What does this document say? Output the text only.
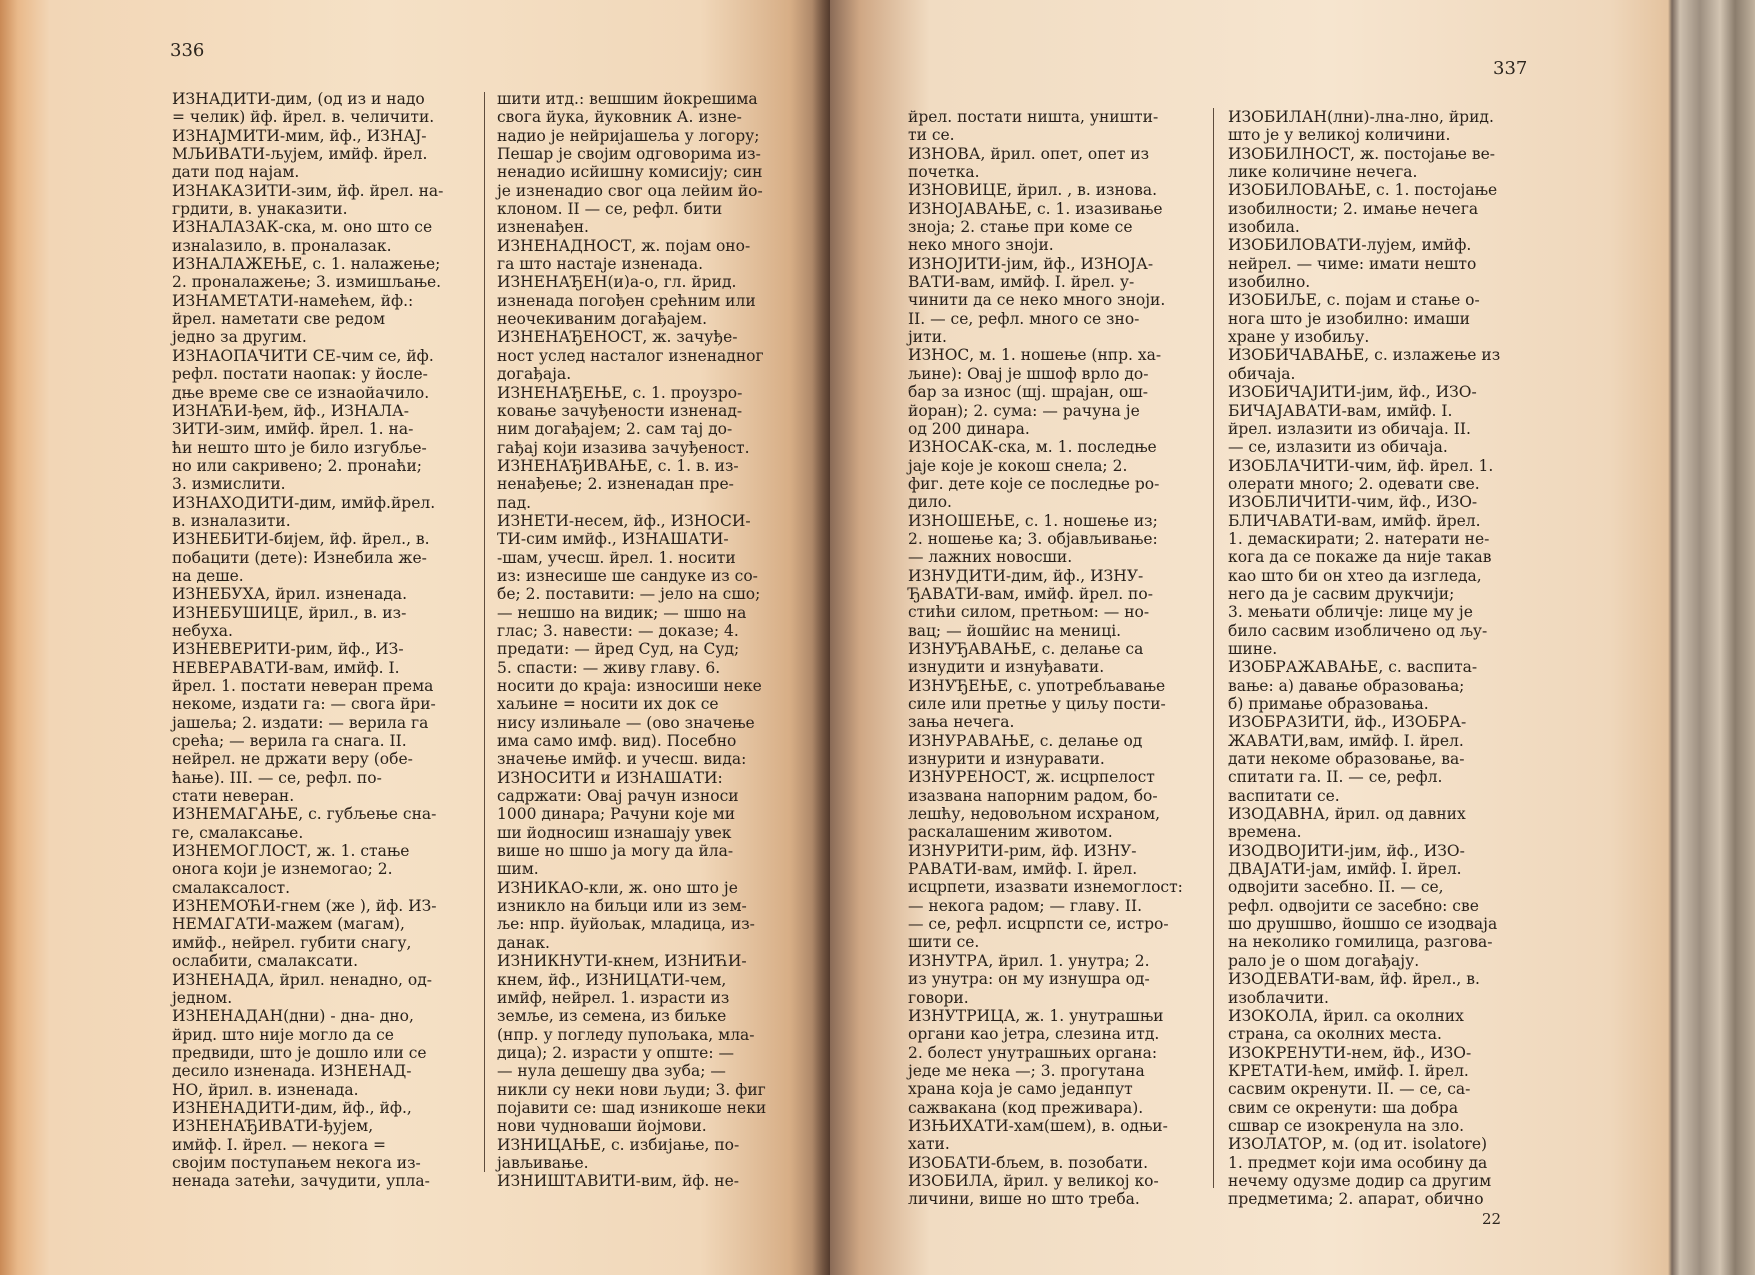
336
ИЗНАДИТИ-дим, (од из и надо
= челик) йф. йрел. в. челичити.
ИЗНАЈМИТИ-мим, йф., ИЗНАЈ-
МЉИВАТИ-љујем, имйф. йрел.
дати под најам.
ИЗНАКАЗИТИ-зим, йф. йрел. на-
грдити, в. унаказити.
ИЗНАЛАЗАК-ска, м. оно што се
изнalaзило, в. проналазак.
ИЗНАЛАЖЕЊЕ, с. 1. налажење;
2. проналажење; 3. измишљање.
ИЗНАМЕТАТИ-намећем, йф.:
йрел. наметати све редом
једно за другим.
ИЗНАОПАЧИТИ СЕ-чим се, йф.
рефл. постати наопак: у йосле-
дње време све се изнаойачило.
ИЗНАЋИ-ђем, йф., ИЗНАЛА-
ЗИТИ-зим, имйф. йрел. 1. на-
ћи нешто што је било изгубље-
но или сакривено; 2. пронаћи;
3. измислити.
ИЗНАХОДИТИ-дим, имйф.йрел.
в. изналазити.
ИЗНЕБИТИ-бијем, йф. йрел., в.
побацити (дете): Изнебила же-
на деше.
ИЗНЕБУХА, йрил. изненада.
ИЗНЕБУШИЦЕ, йрил., в. из-
небуха.
ИЗНЕВЕРИТИ-рим, йф., ИЗ-
НЕВЕРАВАТИ-вам, имйф. I.
йрел. 1. постати неверан према
некоме, издати га: — свога йри-
јашеља; 2. издати: — верила га
срећа; — верила га снага. II.
нейрел. не држати веру (обе-
ћање). III. — се, рефл. по-
стати неверан.
ИЗНЕМАГАЊЕ, с. губљење сна-
ге, смалаксање.
ИЗНЕМОГЛОСТ, ж. 1. стање
онога који је изнемогао; 2.
смалаксалост.
ИЗНЕМОЋИ-гнем (же ), йф. ИЗ-
НЕМАГАТИ-мажем (магам),
имйф., нейрел. губити снагу,
ослабити, смалаксати.
ИЗНЕНАДА, йрил. ненадно, од-
једном.
ИЗНЕНАДАН(дни) - дна- дно,
йрид. што није могло да се
предвиди, што је дошло или се
десило изненада. ИЗНЕНАД-
НО, йрил. в. изненада.
ИЗНЕНАДИТИ-дим, йф., йф.,
ИЗНЕНАЂИВАТИ-ђујем,
имйф. I. йрел. — некога =
својим поступањем некога из-
ненада затећи, зачудити, упла-
шити итд.: вешшим йокрешима
свога йука, йуковник А. изне-
надио је нейријашеља у логору;
Пешар је својим одговорима из-
ненадио исйишну комисију; син
је изненадио свог оца лейим йо-
клоном. II — се, рефл. бити
изненађен.
ИЗНЕНАДНОСТ, ж. појам оно-
га што настаје изненада.
ИЗНЕНАЂЕН(и)а-о, гл. йрид.
изненада погођен срећним или
неочекиваним догађајем.
ИЗНЕНАЂЕНОСТ, ж. зачуђе-
ност услед насталог изненадног
догађаја.
ИЗНЕНАЂЕЊЕ, с. 1. проузро-
ковање зачуђености изненад-
ним догађајем; 2. сам тај до-
гађај који изазива зачуђеност.
ИЗНЕНАЂИВАЊЕ, с. 1. в. из-
ненађење; 2. изненадан пре-
пад.
ИЗНЕТИ-несем, йф., ИЗНОСИ-
ТИ-сим имйф., ИЗНАШАТИ-
-шам, учесш. йрел. 1. носити
из: изнесише ше сандуке из со-
бе; 2. поставити: — јело на сшо;
— нешшо на видик; — шшо на
глас; 3. навести: — доказе; 4.
предати: — йред Суд, на Суд;
5. спасти: — живу главу. 6.
носити до краја: износиши неке
хаљине = носити их док се
нису излињале — (ово значење
има само имф. вид). Посебно
значење имйф. и учесш. вида:
ИЗНОСИТИ и ИЗНАШАТИ:
садржати: Овај рачун износи
1000 динара; Рачуни које ми
ши йодносиш изнашају увек
више но шшо ја могу да йла-
шим.
ИЗНИКАО-кли, ж. оно што је
изникло на биљци или из зем-
ље: нпр. йуйољак, младица, из-
данак.
ИЗНИКНУТИ-кнем, ИЗНИЋИ-
кнем, йф., ИЗНИЦАТИ-чем,
имйф, нейрел. 1. изрaсти из
земље, из семена, из биљке
(нпр. у погледу пупољака, мла-
дица); 2. израсти у опште: —
— нула дешешу два зуба; —
никли су неки нови људи; 3. фиг
појавити се: шад изникоше неки
нови чудноваши йојмови.
ИЗНИЦАЊЕ, с. избијање, по-
јављивање.
ИЗНИШТАВИТИ-вим, йф. не-
337
йрел. постати ништа, уништи-
ти се.
ИЗНОВА, йрил. опет, опет из
почетка.
ИЗНОВИЦЕ, йрил. , в. изнова.
ИЗНОЈАВАЊЕ, с. 1. изазивање
зноја; 2. стање при коме се
неко много зноји.
ИЗНОЈИТИ-јим, йф., ИЗНОЈА-
ВАТИ-вам, имйф. I. йрел. у-
чинити да се неко много зноји.
II. — се, рефл. много се зно-
јити.
ИЗНОС, м. 1. ношење (нпр. ха-
љине): Овај је шшоф врло до-
бар за износ (шј. шрајан, ош-
йоран); 2. сума: — рачуна је
од 200 динара.
ИЗНОСАК-ска, м. 1. последње
јаје које је кокош снела; 2.
фиг. дете које се последње ро-
дило.
ИЗНОШЕЊЕ, с. 1. ношење из;
2. ношење ка; 3. објављивање:
— лажних новосши.
ИЗНУДИТИ-дим, йф., ИЗНУ-
ЂАВАТИ-вам, имйф. йрел. по-
стићи силом, претњом: — но-
вац; — йошйис на мениці.
ИЗНУЂАВАЊЕ, с. делање са
изнудити и изнуђавати.
ИЗНУЂЕЊЕ, с. употребљавање
силе или претње у циљу пости-
зања нечега.
ИЗНУРАВАЊЕ, с. делање од
изнурити и изнуравати.
ИЗНУРЕНОСТ, ж. исцрпелост
изазвана напорним радом, бо-
лешћу, недовољном исхраном,
раскалашеним животом.
ИЗНУРИТИ-рим, йф. ИЗНУ-
РАВАТИ-вам, имйф. I. йрел.
исцрпети, изазвати изнемоглост:
— некога радом; — главу. II.
— се, рефл. исцрпсти се, истро-
шити се.
ИЗНУТРА, йрил. 1. унутра; 2.
из унутра: он му изнушра од-
говори.
ИЗНУТРИЦА, ж. 1. унутрашњи
органи као јетра, слезина итд.
2. болест унутрашњих органа:
једе ме нека —; 3. прогутана
храна која је само једанпут
сажвакана (код преживара).
ИЗЊИХАТИ-хам(шем), в. одњи-
хати.
ИЗОБАТИ-бљем, в. позобати.
ИЗОБИЛА, йрил. у великој ко-
личини, више но што треба.
ИЗОБИЛАН(лни)-лна-лно, йрид.
што је у великој количини.
ИЗОБИЛНОСТ, ж. постојање ве-
лике количине нечега.
ИЗОБИЛОВАЊЕ, с. 1. постојање
изобилности; 2. имање нечега
изобила.
ИЗОБИЛОВАТИ-лујем, имйф.
нейрел. — чиме: имати нешто
изобилно.
ИЗОБИЉЕ, с. појам и стање о-
нога што је изобилно: имаши
хране у изобиљу.
ИЗОБИЧАВАЊЕ, с. излажење из
обичаја.
ИЗОБИЧАЈИТИ-јим, йф., ИЗО-
БИЧАЈАВАТИ-вам, имйф. I.
йрел. излазити из обичаја. II.
— се, излазити из обичаја.
ИЗОБЛАЧИТИ-чим, йф. йрел. 1.
олерати много; 2. одевати све.
ИЗОБЛИЧИТИ-чим, йф., ИЗО-
БЛИЧАВАТИ-вам, имйф. йрел.
1. демаскирати; 2. натерати не-
кога да се покаже да није такав
као што би он хтео да изгледа,
него да је сасвим друкчији;
3. мењати обличје: лице му је
било сасвим изобличено од љу-
шине.
ИЗОБРАЖАВАЊЕ, с. васпита-
вање: а) давање образовања;
б) примање образовања.
ИЗОБРАЗИТИ, йф., ИЗОБРА-
ЖАВАТИ,вам, имйф. I. йрел.
дати некоме образовање, ва-
спитати га. II. — се, рефл.
васпитати се.
ИЗОДАВНА, йрил. од давних
времена.
ИЗОДВОЈИТИ-јим, йф., ИЗО-
ДВАЈАТИ-јам, имйф. I. йрел.
одвојити засебно. II. — се,
рефл. одвојити се засебно: све
шо друшшво, йошшо се изодваја
на неколико гомилица, разгова-
рало је о шом догађају.
ИЗОДЕВАТИ-вам, йф. йрел., в.
изоблачити.
ИЗОКОЛА, йрил. са околних
страна, са околних места.
ИЗОКРЕНУТИ-нем, йф., ИЗО-
КРЕТАТИ-ћем, имйф. I. йрел.
сасвим окренути. II. — се, са-
свим се окренути: ша добра
сшвар се изокренула на зло.
ИЗОЛАТОР, м. (од ит. isolatore)
1. предмет који има особину да
нечему одузме додир са другим
предметима; 2. апарат, обично
22
